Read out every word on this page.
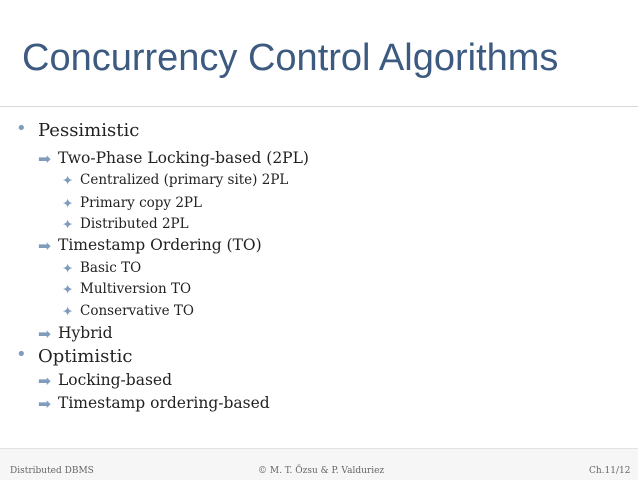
Concurrency Control Algorithms
• Pessimistic
➡ Two-Phase Locking-based (2PL)
✦ Centralized (primary site) 2PL
✦ Primary copy 2PL
✦ Distributed 2PL
➡ Timestamp Ordering (TO)
✦ Basic TO
✦ Multiversion TO
✦ Conservative TO
➡ Hybrid
• Optimistic
➡ Locking-based
➡ Timestamp ordering-based
Distributed DBMS	© M. T. Özsu & P. Valduriez	Ch.11/12
